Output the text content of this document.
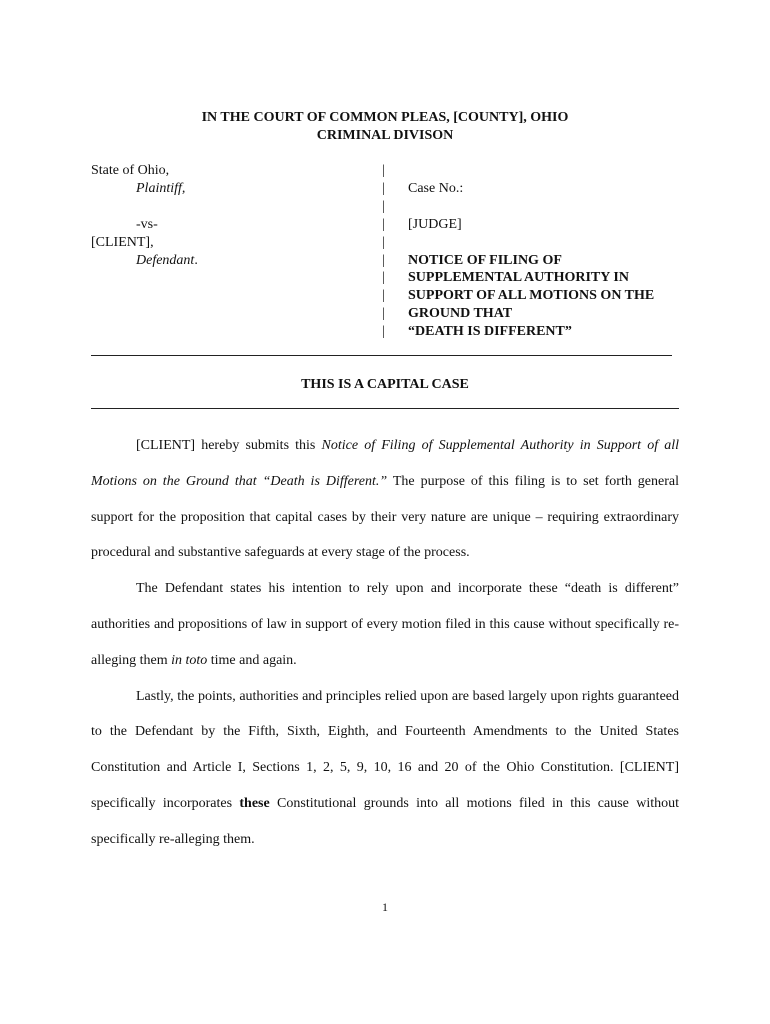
IN THE COURT OF COMMON PLEAS, [COUNTY], OHIO
CRIMINAL DIVISON
State of Ohio,
Plaintiff,

-vs-
[CLIENT],
Defendant.
|
|
|
|
|
|
|
|
|
|

Case No.:

[JUDGE]

NOTICE OF FILING OF
SUPPLEMENTAL AUTHORITY IN
SUPPORT OF ALL MOTIONS ON THE
GROUND THAT
“DEATH IS DIFFERENT”
THIS IS A CAPITAL CASE

[CLIENT] hereby submits this Notice of Filing of Supplemental Authority in Support of all Motions on the Ground that “Death is Different.” The purpose of this filing is to set forth general support for the proposition that capital cases by their very nature are unique – requiring extraordinary procedural and substantive safeguards at every stage of the process.

The Defendant states his intention to rely upon and incorporate these “death is different” authorities and propositions of law in support of every motion filed in this cause without specifically re-alleging them in toto time and again.

Lastly, the points, authorities and principles relied upon are based largely upon rights guaranteed to the Defendant by the Fifth, Sixth, Eighth, and Fourteenth Amendments to the United States Constitution and Article I, Sections 1, 2, 5, 9, 10, 16 and 20 of the Ohio Constitution. [CLIENT] specifically incorporates these Constitutional grounds into all motions filed in this cause without specifically re-alleging them.

1
